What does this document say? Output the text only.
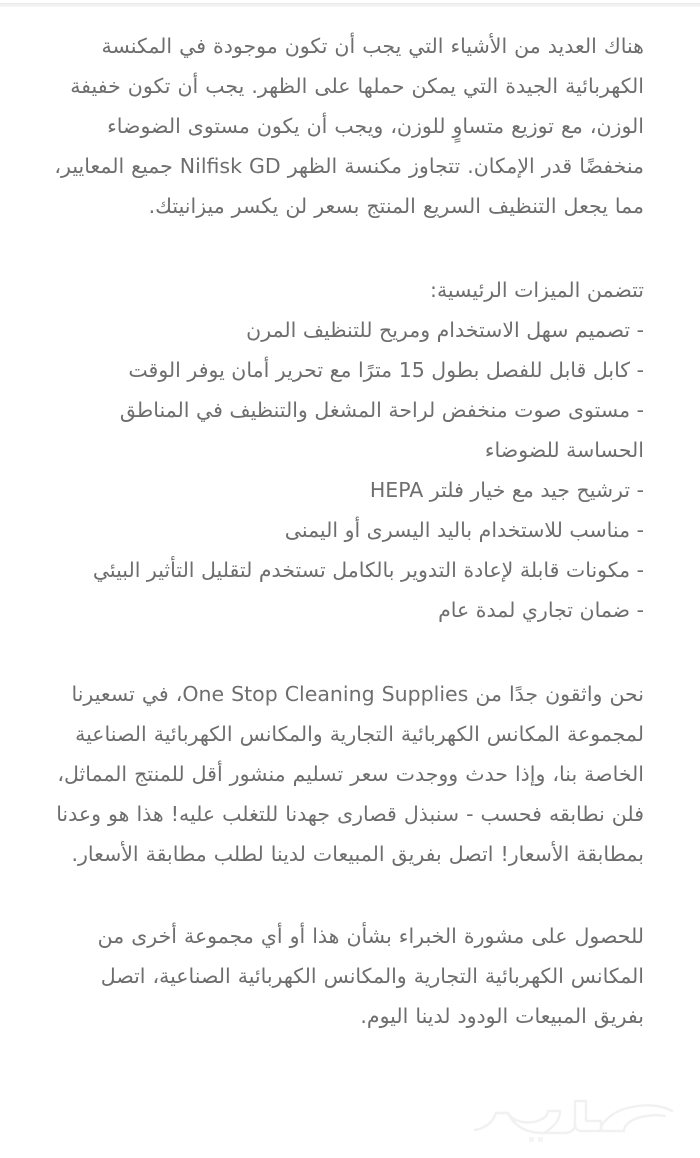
هناك العديد من الأشياء التي يجب أن تكون موجودة في المكنسة الكهربائية الجيدة التي يمكن حملها على الظهر. يجب أن تكون خفيفة الوزن، مع توزيع متساوٍ للوزن، ويجب أن يكون مستوى الضوضاء منخفضًا قدر الإمكان. تتجاوز مكنسة الظهر Nilfisk GD جميع المعايير، مما يجعل التنظيف السريع المنتج بسعر لن يكسر ميزانيتك.

تتضمن الميزات الرئيسية:

- تصميم سهل الاستخدام ومريح للتنظيف المرن
- كابل قابل للفصل بطول 15 مترًا مع تحرير أمان يوفر الوقت
- مستوى صوت منخفض لراحة المشغل والتنظيف في المناطق الحساسة للضوضاء
- ترشيح جيد مع خيار فلتر HEPA
- مناسب للاستخدام باليد اليسرى أو اليمنى
- مكونات قابلة لإعادة التدوير بالكامل تستخدم لتقليل التأثير البيئي
- ضمان تجاري لمدة عام

نحن واثقون جدًا من One Stop Cleaning Supplies، في تسعيرنا لمجموعة المكانس الكهربائية التجارية والمكانس الكهربائية الصناعية الخاصة بنا، وإذا حدث ووجدت سعر تسليم منشور أقل للمنتج المماثل، فلن نطابقه فحسب - سنبذل قصارى جهدنا للتغلب عليه! هذا هو وعدنا بمطابقة الأسعار! اتصل بفريق المبيعات لدينا لطلب مطابقة الأسعار.

للحصول على مشورة الخبراء بشأن هذا أو أي مجموعة أخرى من المكانس الكهربائية التجارية والمكانس الكهربائية الصناعية، اتصل بفريق المبيعات الودود لدينا اليوم.
